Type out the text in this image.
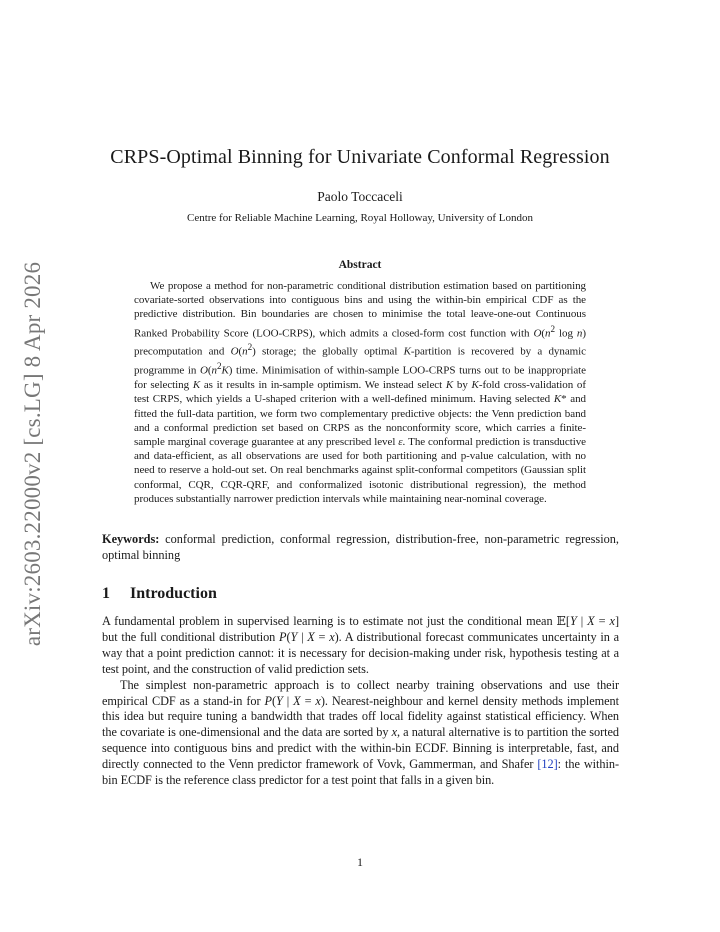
arXiv:2603.22000v2 [cs.LG] 8 Apr 2026
CRPS-Optimal Binning for Univariate Conformal Regression
Paolo Toccaceli
Centre for Reliable Machine Learning, Royal Holloway, University of London
Abstract
We propose a method for non-parametric conditional distribution estimation based on partitioning covariate-sorted observations into contiguous bins and using the within-bin empirical CDF as the predictive distribution. Bin boundaries are chosen to minimise the total leave-one-out Continuous Ranked Probability Score (LOO-CRPS), which admits a closed-form cost function with $O(n^2$ log n) precomputation and $O(n^2)$ storage; the globally optimal K-partition is recovered by a dynamic programme in $O(n^2K)$ time. Minimisation of within-sample LOO-CRPS turns out to be inappropriate for selecting K as it results in in-sample optimism. We instead select K by K-fold cross-validation of test CRPS, which yields a U-shaped criterion with a well-defined minimum. Having selected K* and fitted the full-data partition, we form two complementary predictive objects: the Venn prediction band and a conformal prediction set based on CRPS as the nonconformity score, which carries a finite-sample marginal coverage guarantee at any prescribed level ε. The conformal prediction is transductive and data-efficient, as all observations are used for both partitioning and p-value calculation, with no need to reserve a hold-out set. On real benchmarks against split-conformal competitors (Gaussian split conformal, CQR, CQR-QRF, and conformalized isotonic distributional regression), the method produces substantially narrower prediction intervals while maintaining near-nominal coverage.
Keywords: conformal prediction, conformal regression, distribution-free, non-parametric regression, optimal binning
1 Introduction

A fundamental problem in supervised learning is to estimate not just the conditional mean 𝔼[Y | X = x] but the full conditional distribution P(Y | X = x). A distributional forecast communicates uncertainty in a way that a point prediction cannot: it is necessary for decision-making under risk, hypothesis testing at a test point, and the construction of valid prediction sets.

The simplest non-parametric approach is to collect nearby training observations and use their empirical CDF as a stand-in for P(Y | X = x). Nearest-neighbour and kernel density methods implement this idea but require tuning a bandwidth that trades off local fidelity against statistical efficiency. When the covariate is one-dimensional and the data are sorted by x, a natural alternative is to partition the sorted sequence into contiguous bins and predict with the within-bin ECDF. Binning is interpretable, fast, and directly connected to the Venn predictor framework of Vovk, Gammerman, and Shafer [12]: the within-bin ECDF is the reference class predictor for a test point that falls in a given bin.

1
